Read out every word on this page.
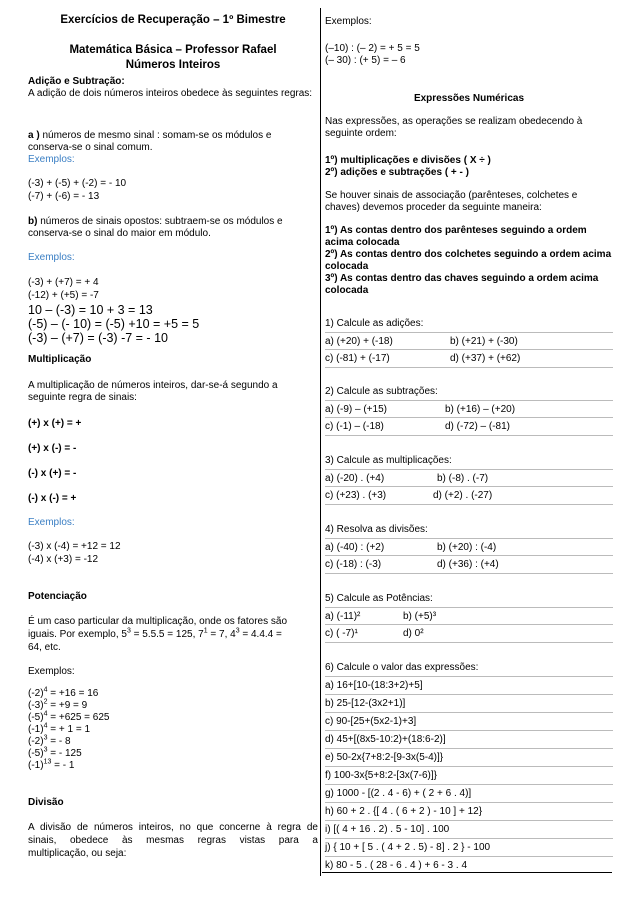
Exercícios de Recuperação – 1º Bimestre
Matemática Básica – Professor Rafael
Números Inteiros
Adição e Subtração:
A adição de dois números inteiros obedece às seguintes regras:
a ) números de mesmo sinal : somam-se os módulos e conserva-se o sinal comum.
Exemplos:
(-3) + (-5) + (-2) = - 10
(-7) + (-6) = - 13
b) números de sinais opostos: subtraem-se os módulos e conserva-se o sinal do maior em módulo.
Exemplos:
(-3) + (+7) = + 4
(-12) + (+5) = -7
10 – (-3) = 10 + 3 = 13
(-5) – (- 10) = (-5) +10 = +5 = 5
(-3) – (+7) = (-3) -7 = - 10
Multiplicação
A multiplicação de números inteiros, dar-se-á segundo a seguinte regra de sinais:
(+) x (+) = +
(+) x (-) = -
(-) x (+) = -
(-) x (-) = +
Exemplos:
(-3) x (-4) = +12 = 12
(-4) x (+3) = -12
Potenciação
É um caso particular da multiplicação, onde os fatores são
iguais. Por exemplo, $5^3 = 5.5.5 = 125$, $7^1 = 7$, $4^3 = 4.4.4$ =
64, etc.
Exemplos:
$(-2)^4 = +16 = 16$
$(-3)^2 = +9 = 9$
$(-5)^4 = +625 = 625$
$(-1)^4$ = + 1 = 1
$(-2)^3$ = - 8
$(-5)^3$ = - 125
$(-1)^{13}$ = - 1
Divisão
A divisão de números inteiros, no que concerne à regra de
sinais, obedece às mesmas regras vistas para a
multiplicação, ou seja:
Exemplos:
(–10) : (– 2) = + 5 = 5
(– 30) : (+ 5) = – 6
Expressões Numéricas
Nas expressões, as operações se realizam obedecendo à seguinte ordem:
1º) multiplicações e divisões ( X ÷ )
2º) adições e subtrações ( + - )
Se houver sinais de associação (parênteses, colchetes e chaves) devemos proceder da seguinte maneira:
1º) As contas dentro dos parênteses seguindo a ordem acima colocada
2º) As contas dentro dos colchetes seguindo a ordem acima colocada
3º) As contas dentro das chaves seguindo a ordem acima colocada
1) Calcule as adições:
a) (+20) + (-18)	b) (+21) + (-30)
c) (-81) + (-17)	d) (+37) + (+62)
2) Calcule as subtrações:
a) (-9) – (+15)	b) (+16) – (+20)
c) (-1) – (-18)	d) (-72) – (-81)
3) Calcule as multiplicações:
a) (-20) . (+4)	b) (-8) . (-7)
c) (+23) . (+3)	d) (+2) . (-27)
4) Resolva as divisões:
a) (-40) : (+2)	b) (+20) : (-4)
c) (-18) : (-3)	d) (+36) : (+4)
5) Calcule as Potências:
a) (-11)²	b) (+5)³
c) ( -7)¹	d) 0²
6) Calcule o valor das expressões:
a) 16+[10-(18:3+2)+5]
b) 25-[12-(3x2+1)]
c) 90-[25+(5x2-1)+3]
d) 45+[(8x5-10:2)+(18:6-2)]
e) 50-2x{7+8:2-[9-3x(5-4)]}
f) 100-3x{5+8:2-[3x(7-6)]}
g) 1000 - [(2 . 4 - 6) + ( 2 + 6 . 4)]
h) 60 + 2 . {[ 4 . ( 6 + 2 ) - 10 ] + 12}
i) [( 4 + 16 . 2) . 5 - 10] . 100
j) { 10 + [ 5 . ( 4 + 2 . 5) - 8] . 2 } - 100
k) 80 - 5 . ( 28 - 6 . 4 ) + 6 - 3 . 4
